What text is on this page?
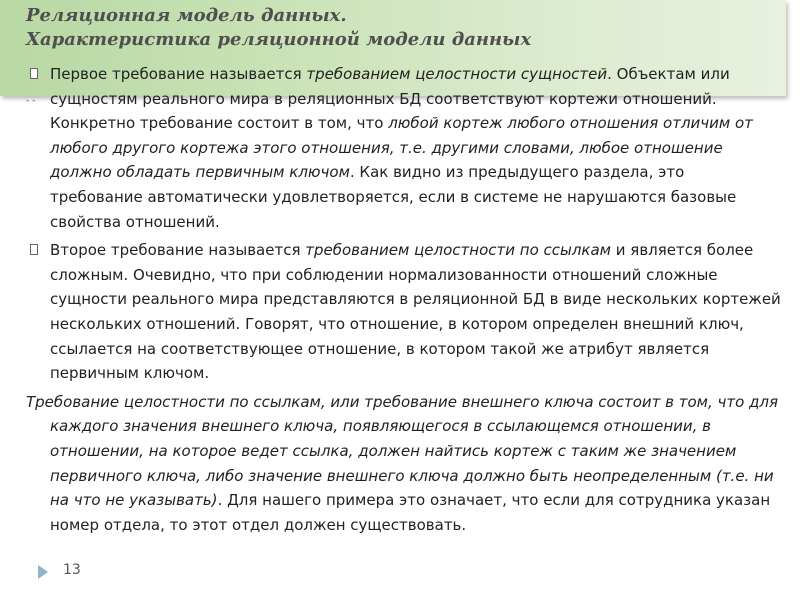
Реляционная модель данных.
Характеристика реляционной модели данных
- -

Первое требование называется требованием целостности сущностей. Объектам или сущностям реального мира в реляционных БД соответствуют кортежи отношений. Конкретно требование состоит в том, что любой кортеж любого отношения отличим от любого другого кортежа этого отношения, т.е. другими словами, любое отношение должно обладать первичным ключом. Как видно из предыдущего раздела, это требование автоматически удовлетворяется, если в системе не нарушаются базовые свойства отношений.

Второе требование называется требованием целостности по ссылкам и является более сложным. Очевидно, что при соблюдении нормализованности отношений сложные сущности реального мира представляются в реляционной БД в виде нескольких кортежей нескольких отношений. Говорят, что отношение, в котором определен внешний ключ, ссылается на соответствующее отношение, в котором такой же атрибут является первичным ключом.

Требование целостности по ссылкам, или требование внешнего ключа состоит в том, что для каждого значения внешнего ключа, появляющегося в ссылающемся отношении, в отношении, на которое ведет ссылка, должен найтись кортеж с таким же значением первичного ключа, либо значение внешнего ключа должно быть неопределенным (т.е. ни на что не указывать). Для нашего примера это означает, что если для сотрудника указан номер отдела, то этот отдел должен существовать.

13
